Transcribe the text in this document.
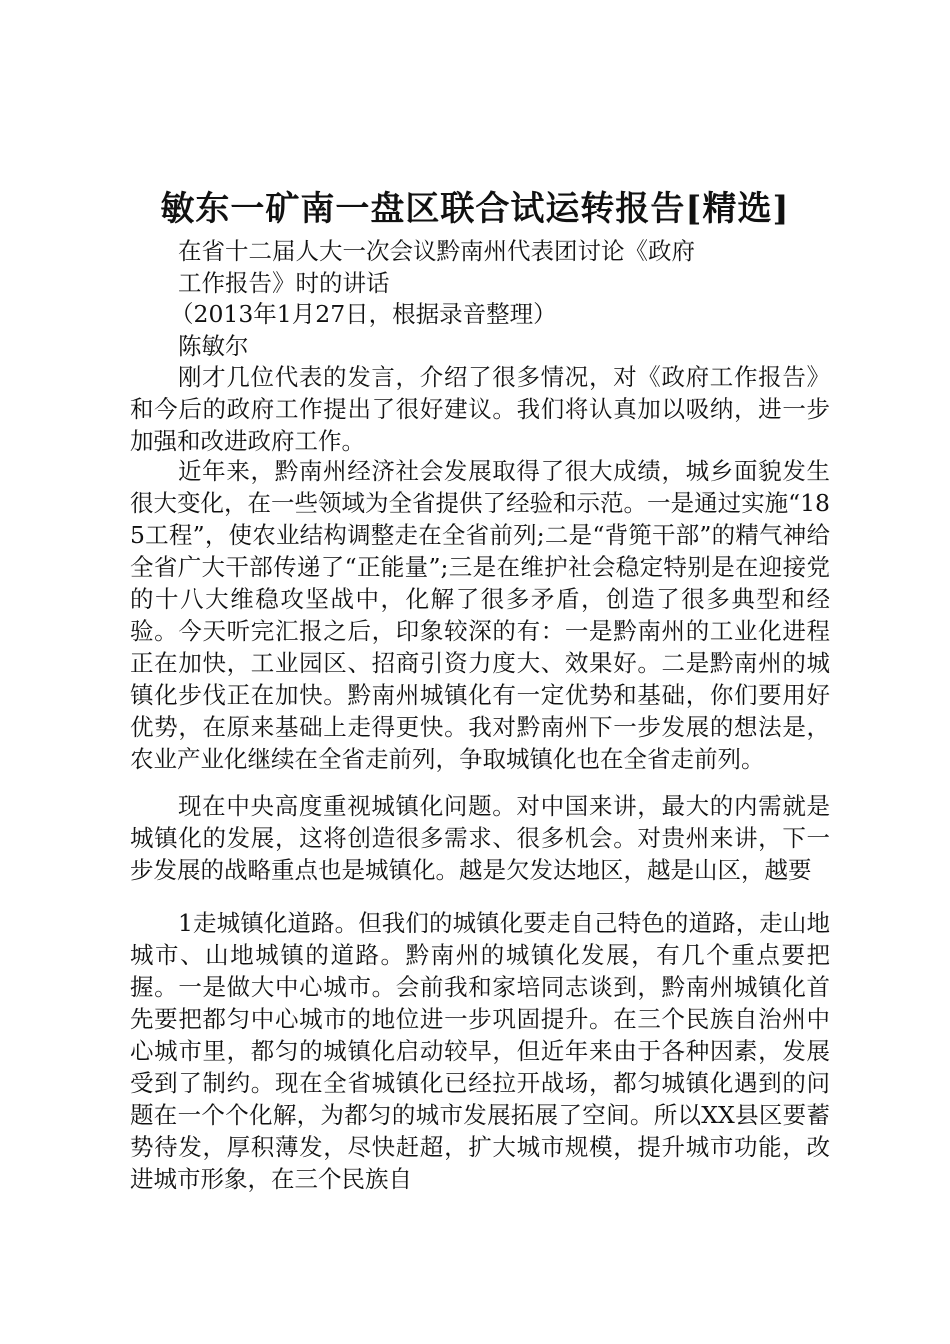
敏东一矿南一盘区联合试运转报告[精选]
在省十二届人大一次会议黔南州代表团讨论《政府
工作报告》时的讲话
（2013年1月27日，根据录音整理）
陈敏尔
刚才几位代表的发言，介绍了很多情况，对《政府工作报告》和今后的政府工作提出了很好建议。我们将认真加以吸纳，进一步加强和改进政府工作。
近年来，黔南州经济社会发展取得了很大成绩，城乡面貌发生很大变化，在一些领域为全省提供了经验和示范。一是通过实施“185工程”，使农业结构调整走在全省前列;二是“背篼干部”的精气神给全省广大干部传递了“正能量”;三是在维护社会稳定特别是在迎接党的十八大维稳攻坚战中，化解了很多矛盾，创造了很多典型和经验。今天听完汇报之后，印象较深的有：一是黔南州的工业化进程正在加快，工业园区、招商引资力度大、效果好。二是黔南州的城镇化步伐正在加快。黔南州城镇化有一定优势和基础，你们要用好优势，在原来基础上走得更快。我对黔南州下一步发展的想法是，农业产业化继续在全省走前列，争取城镇化也在全省走前列。
现在中央高度重视城镇化问题。对中国来讲，最大的内需就是城镇化的发展，这将创造很多需求、很多机会。对贵州来讲，下一步发展的战略重点也是城镇化。越是欠发达地区，越是山区，越要
1走城镇化道路。但我们的城镇化要走自己特色的道路，走山地城市、山地城镇的道路。黔南州的城镇化发展，有几个重点要把握。一是做大中心城市。会前我和家培同志谈到，黔南州城镇化首先要把都匀中心城市的地位进一步巩固提升。在三个民族自治州中心城市里，都匀的城镇化启动较早，但近年来由于各种因素，发展受到了制约。现在全省城镇化已经拉开战场，都匀城镇化遇到的问题在一个个化解，为都匀的城市发展拓展了空间。所以XX县区要蓄势待发，厚积薄发，尽快赶超，扩大城市规模，提升城市功能，改进城市形象，在三个民族自
